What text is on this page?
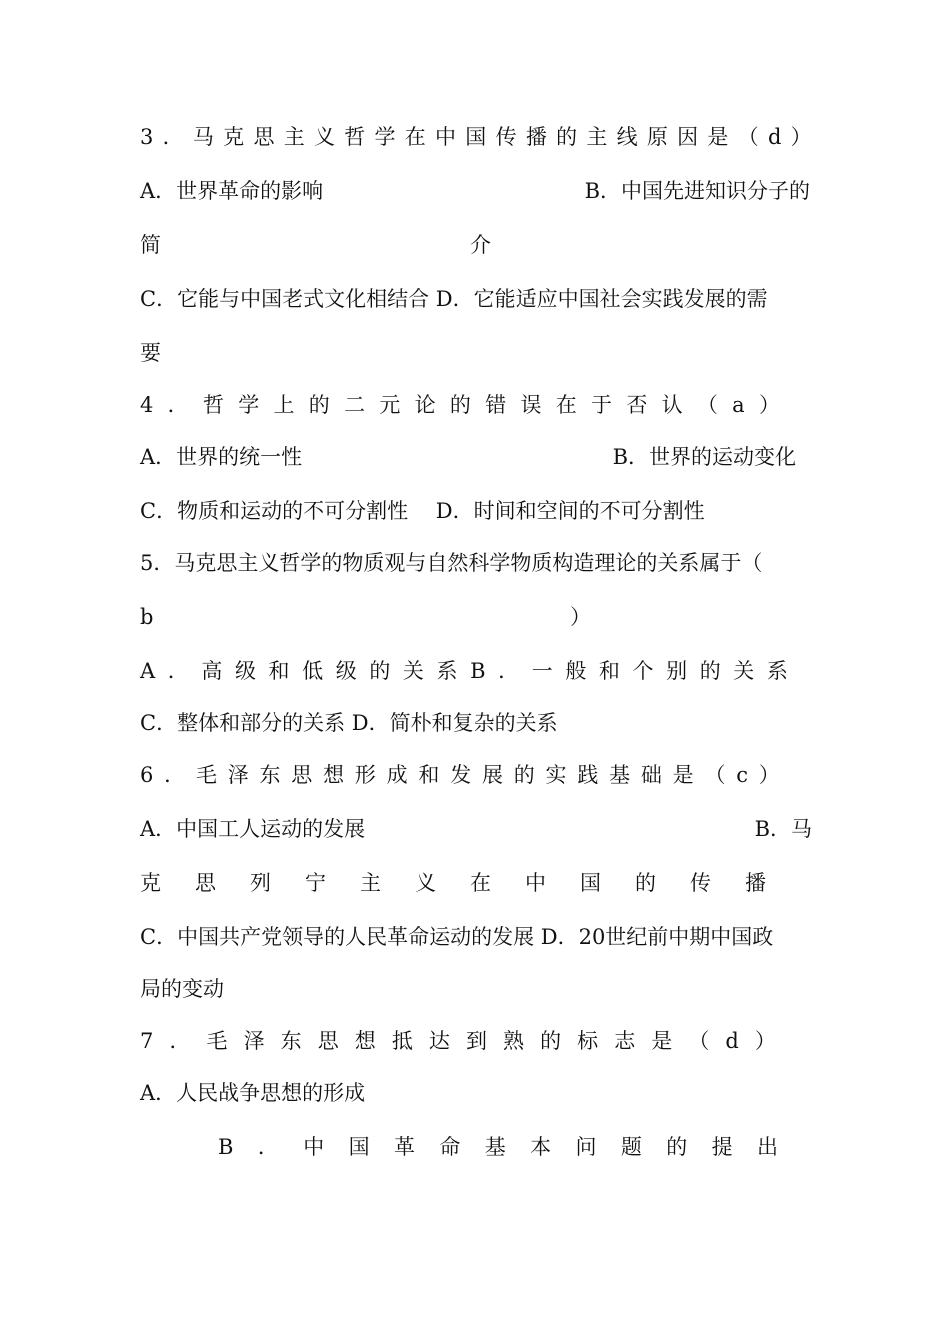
3 ． 马 克 思 主 义 哲 学 在 中 国 传 播 的 主 线 原 因 是 （ d ）
A．世界革命的影响	B．中国先进知识分子的
简	介
C．它能与中国老式文化相结合 D．它能适应中国社会实践发展的需
要
4 ． 哲 学 上 的 二 元 论 的 错 误 在 于 否 认 （ a ）
A．世界的统一性	B．世界的运动变化
C．物质和运动的不可分割性　 D．时间和空间的不可分割性
5．马克思主义哲学的物质观与自然科学物质构造理论的关系属于（
b	）
A ． 高 级 和 低 级 的 关 系 B ． 一 般 和 个 别 的 关 系
C．整体和部分的关系 D．简朴和复杂的关系
6 ． 毛 泽 东 思 想 形 成 和 发 展 的 实 践 基 础 是 （ c ）
A．中国工人运动的发展	B．马
克 思 列 宁 主 义 在 中 国 的 传 播
C．中国共产党领导的人民革命运动的发展 D．20世纪前中期中国政
局的变动
7 ． 毛 泽 东 思 想 抵 达 到 熟 的 标 志 是 （ d ）
A．人民战争思想的形成
B ． 中 国 革 命 基 本 问 题 的 提 出
